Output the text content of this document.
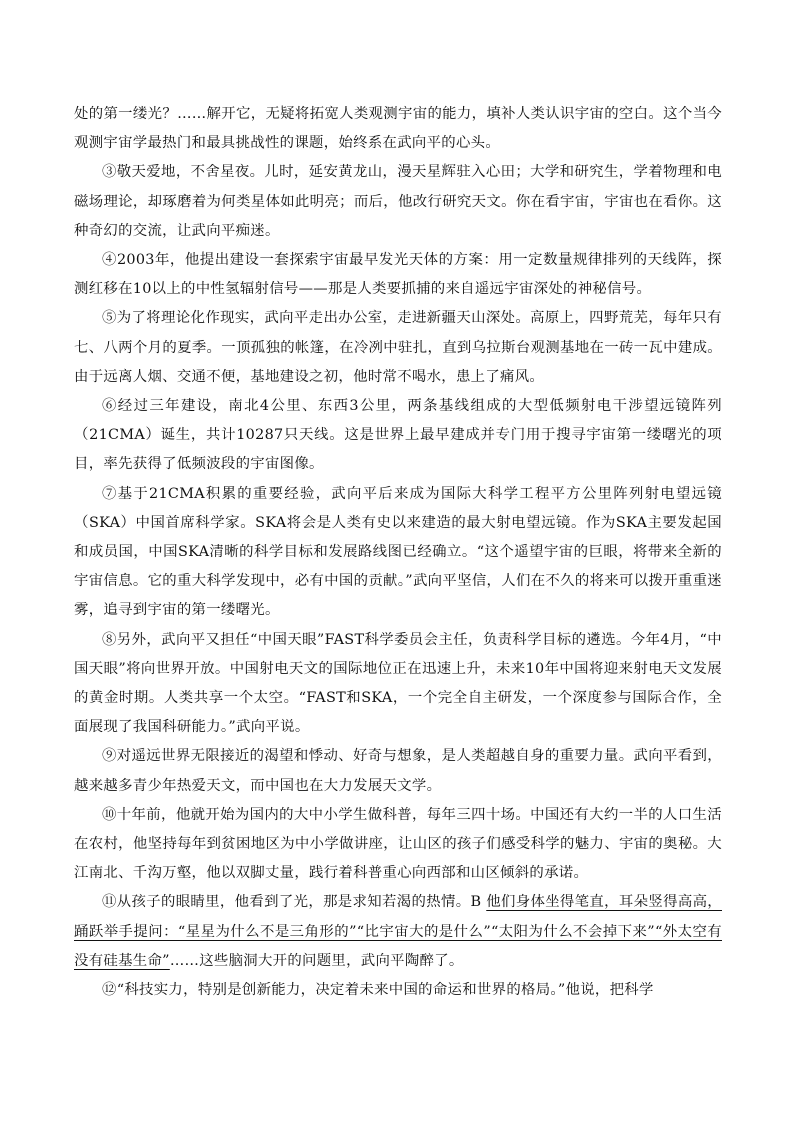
处的第一缕光？……解开它，无疑将拓宽人类观测宇宙的能力，填补人类认识宇宙的空白。这个当今观测宇宙学最热门和最具挑战性的课题，始终系在武向平的心头。

③敬天爱地，不舍星夜。儿时，延安黄龙山，漫天星辉驻入心田；大学和研究生，学着物理和电磁场理论，却琢磨着为何类星体如此明亮；而后，他改行研究天文。你在看宇宙，宇宙也在看你。这种奇幻的交流，让武向平痴迷。

④2003年，他提出建设一套探索宇宙最早发光天体的方案：用一定数量规律排列的天线阵，探测红移在10以上的中性氢辐射信号——那是人类要抓捕的来自遥远宇宙深处的神秘信号。

⑤为了将理论化作现实，武向平走出办公室，走进新疆天山深处。高原上，四野荒芜，每年只有七、八两个月的夏季。一顶孤独的帐篷，在冷冽中驻扎，直到乌拉斯台观测基地在一砖一瓦中建成。由于远离人烟、交通不便，基地建设之初，他时常不喝水，患上了痛风。

⑥经过三年建设，南北4公里、东西3公里，两条基线组成的大型低频射电干涉望远镜阵列（21CMA）诞生，共计10287只天线。这是世界上最早建成并专门用于搜寻宇宙第一缕曙光的项目，率先获得了低频波段的宇宙图像。

⑦基于21CMA积累的重要经验，武向平后来成为国际大科学工程平方公里阵列射电望远镜（SKA）中国首席科学家。SKA将会是人类有史以来建造的最大射电望远镜。作为SKA主要发起国和成员国，中国SKA清晰的科学目标和发展路线图已经确立。“这个遥望宇宙的巨眼，将带来全新的宇宙信息。它的重大科学发现中，必有中国的贡献。”武向平坚信，人们在不久的将来可以拨开重重迷雾，追寻到宇宙的第一缕曙光。

⑧另外，武向平又担任“中国天眼”FAST科学委员会主任，负责科学目标的遴选。今年4月，“中国天眼”将向世界开放。中国射电天文的国际地位正在迅速上升，未来10年中国将迎来射电天文发展的黄金时期。人类共享一个太空。“FAST和SKA，一个完全自主研发，一个深度参与国际合作，全面展现了我国科研能力。”武向平说。

⑨对遥远世界无限接近的渴望和悸动、好奇与想象，是人类超越自身的重要力量。武向平看到，越来越多青少年热爱天文，而中国也在大力发展天文学。

⑩十年前，他就开始为国内的大中小学生做科普，每年三四十场。中国还有大约一半的人口生活在农村，他坚持每年到贫困地区为中小学做讲座，让山区的孩子们感受科学的魅力、宇宙的奥秘。大江南北、千沟万壑，他以双脚丈量，践行着科普重心向西部和山区倾斜的承诺。

⑪从孩子的眼睛里，他看到了光，那是求知若渴的热情。B 他们身体坐得笔直，耳朵竖得高高，踊跃举手提问：“星星为什么不是三角形的”“比宇宙大的是什么”“太阳为什么不会掉下来”“外太空有没有硅基生命”……这些脑洞大开的问题里，武向平陶醉了。

⑫“科技实力，特别是创新能力，决定着未来中国的命运和世界的格局。”他说，把科学
